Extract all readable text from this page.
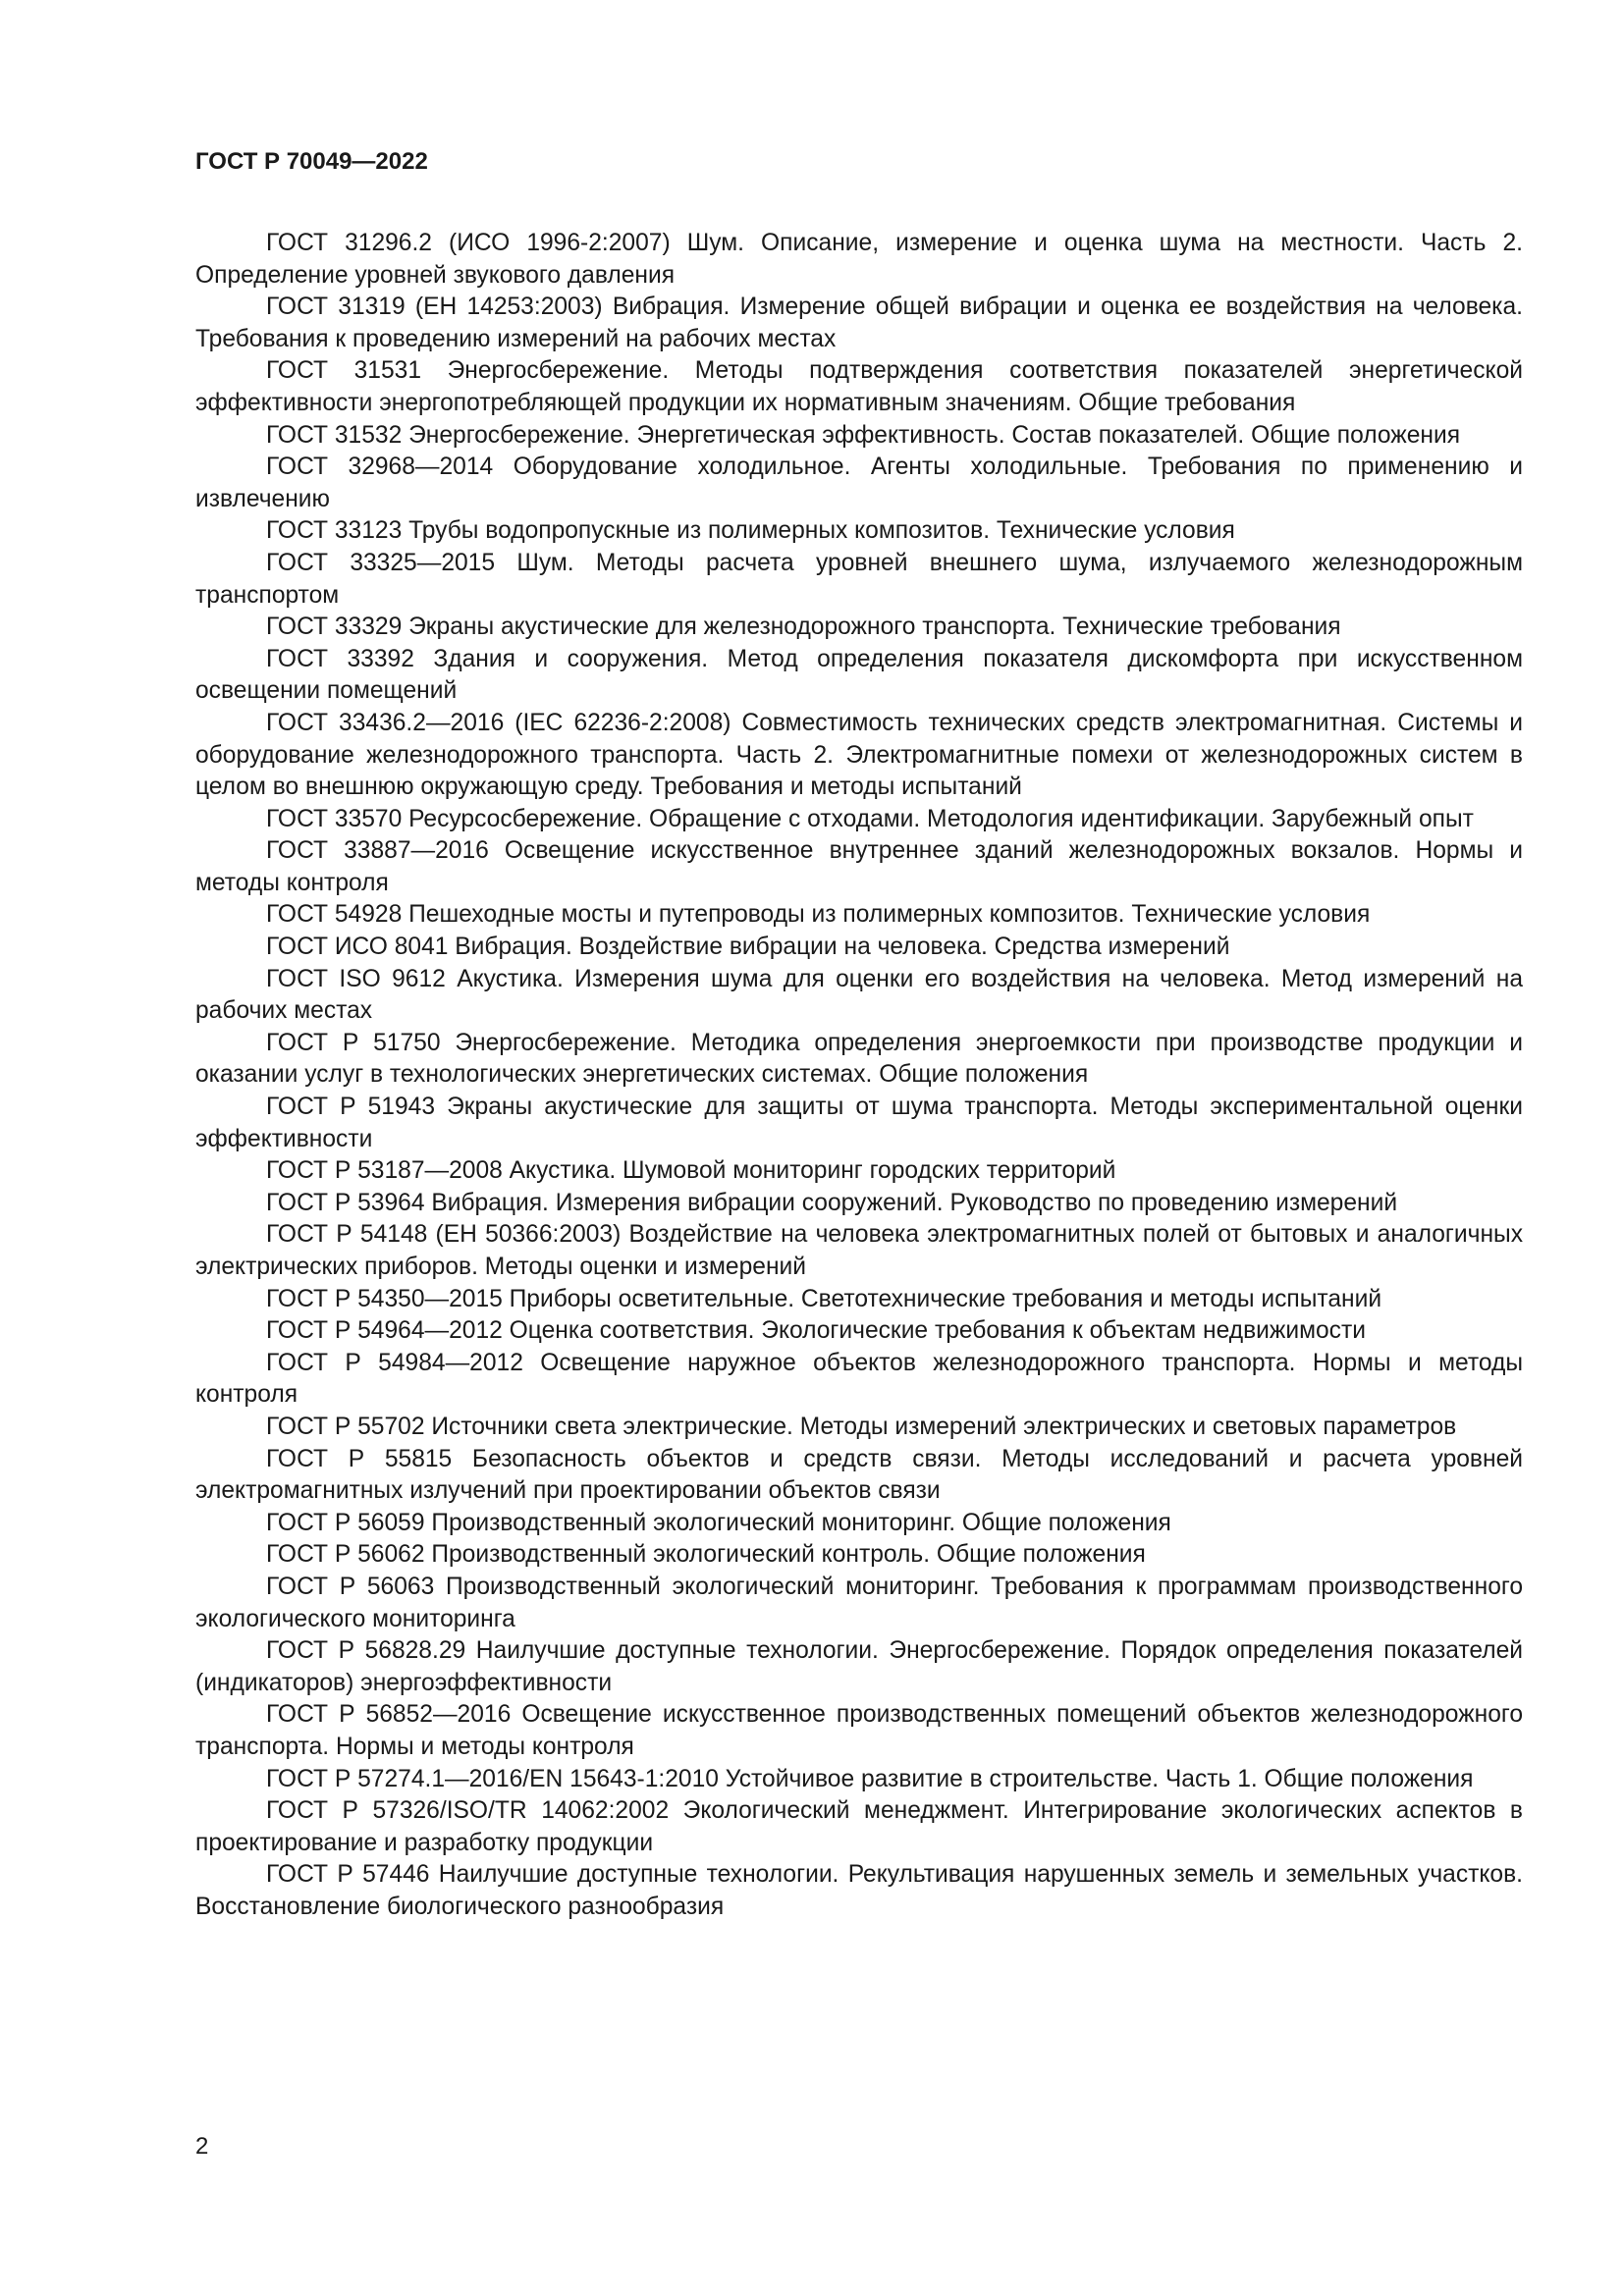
ГОСТ Р 70049—2022

ГОСТ 31296.2 (ИСО 1996-2:2007) Шум. Описание, измерение и оценка шума на местности. Часть 2. Определение уровней звукового давления

ГОСТ 31319 (ЕН 14253:2003) Вибрация. Измерение общей вибрации и оценка ее воздействия на человека. Требования к проведению измерений на рабочих местах

ГОСТ 31531 Энергосбережение. Методы подтверждения соответствия показателей энергетической эффективности энергопотребляющей продукции их нормативным значениям. Общие требования

ГОСТ 31532 Энергосбережение. Энергетическая эффективность. Состав показателей. Общие положения

ГОСТ 32968—2014 Оборудование холодильное. Агенты холодильные. Требования по применению и извлечению

ГОСТ 33123 Трубы водопропускные из полимерных композитов. Технические условия

ГОСТ 33325—2015 Шум. Методы расчета уровней внешнего шума, излучаемого железнодорожным транспортом

ГОСТ 33329 Экраны акустические для железнодорожного транспорта. Технические требования

ГОСТ 33392 Здания и сооружения. Метод определения показателя дискомфорта при искусственном освещении помещений

ГОСТ 33436.2—2016 (IEC 62236-2:2008) Совместимость технических средств электромагнитная. Системы и оборудование железнодорожного транспорта. Часть 2. Электромагнитные помехи от железнодорожных систем в целом во внешнюю окружающую среду. Требования и методы испытаний

ГОСТ 33570 Ресурсосбережение. Обращение с отходами. Методология идентификации. Зарубежный опыт

ГОСТ 33887—2016 Освещение искусственное внутреннее зданий железнодорожных вокзалов. Нормы и методы контроля

ГОСТ 54928 Пешеходные мосты и путепроводы из полимерных композитов. Технические условия

ГОСТ ИСО 8041 Вибрация. Воздействие вибрации на человека. Средства измерений

ГОСТ ISO 9612 Акустика. Измерения шума для оценки его воздействия на человека. Метод измерений на рабочих местах

ГОСТ Р 51750 Энергосбережение. Методика определения энергоемкости при производстве продукции и оказании услуг в технологических энергетических системах. Общие положения

ГОСТ Р 51943 Экраны акустические для защиты от шума транспорта. Методы экспериментальной оценки эффективности

ГОСТ Р 53187—2008 Акустика. Шумовой мониторинг городских территорий

ГОСТ Р 53964 Вибрация. Измерения вибрации сооружений. Руководство по проведению измерений

ГОСТ Р 54148 (ЕН 50366:2003) Воздействие на человека электромагнитных полей от бытовых и аналогичных электрических приборов. Методы оценки и измерений

ГОСТ Р 54350—2015 Приборы осветительные. Светотехнические требования и методы испытаний

ГОСТ Р 54964—2012 Оценка соответствия. Экологические требования к объектам недвижимости

ГОСТ Р 54984—2012 Освещение наружное объектов железнодорожного транспорта. Нормы и методы контроля

ГОСТ Р 55702 Источники света электрические. Методы измерений электрических и световых параметров

ГОСТ Р 55815 Безопасность объектов и средств связи. Методы исследований и расчета уровней электромагнитных излучений при проектировании объектов связи

ГОСТ Р 56059 Производственный экологический мониторинг. Общие положения

ГОСТ Р 56062 Производственный экологический контроль. Общие положения

ГОСТ Р 56063 Производственный экологический мониторинг. Требования к программам производственного экологического мониторинга

ГОСТ Р 56828.29 Наилучшие доступные технологии. Энергосбережение. Порядок определения показателей (индикаторов) энергоэффективности

ГОСТ Р 56852—2016 Освещение искусственное производственных помещений объектов железнодорожного транспорта. Нормы и методы контроля

ГОСТ Р 57274.1—2016/EN 15643-1:2010 Устойчивое развитие в строительстве. Часть 1. Общие положения

ГОСТ Р 57326/ISO/TR 14062:2002 Экологический менеджмент. Интегрирование экологических аспектов в проектирование и разработку продукции

ГОСТ Р 57446 Наилучшие доступные технологии. Рекультивация нарушенных земель и земельных участков. Восстановление биологического разнообразия

2
